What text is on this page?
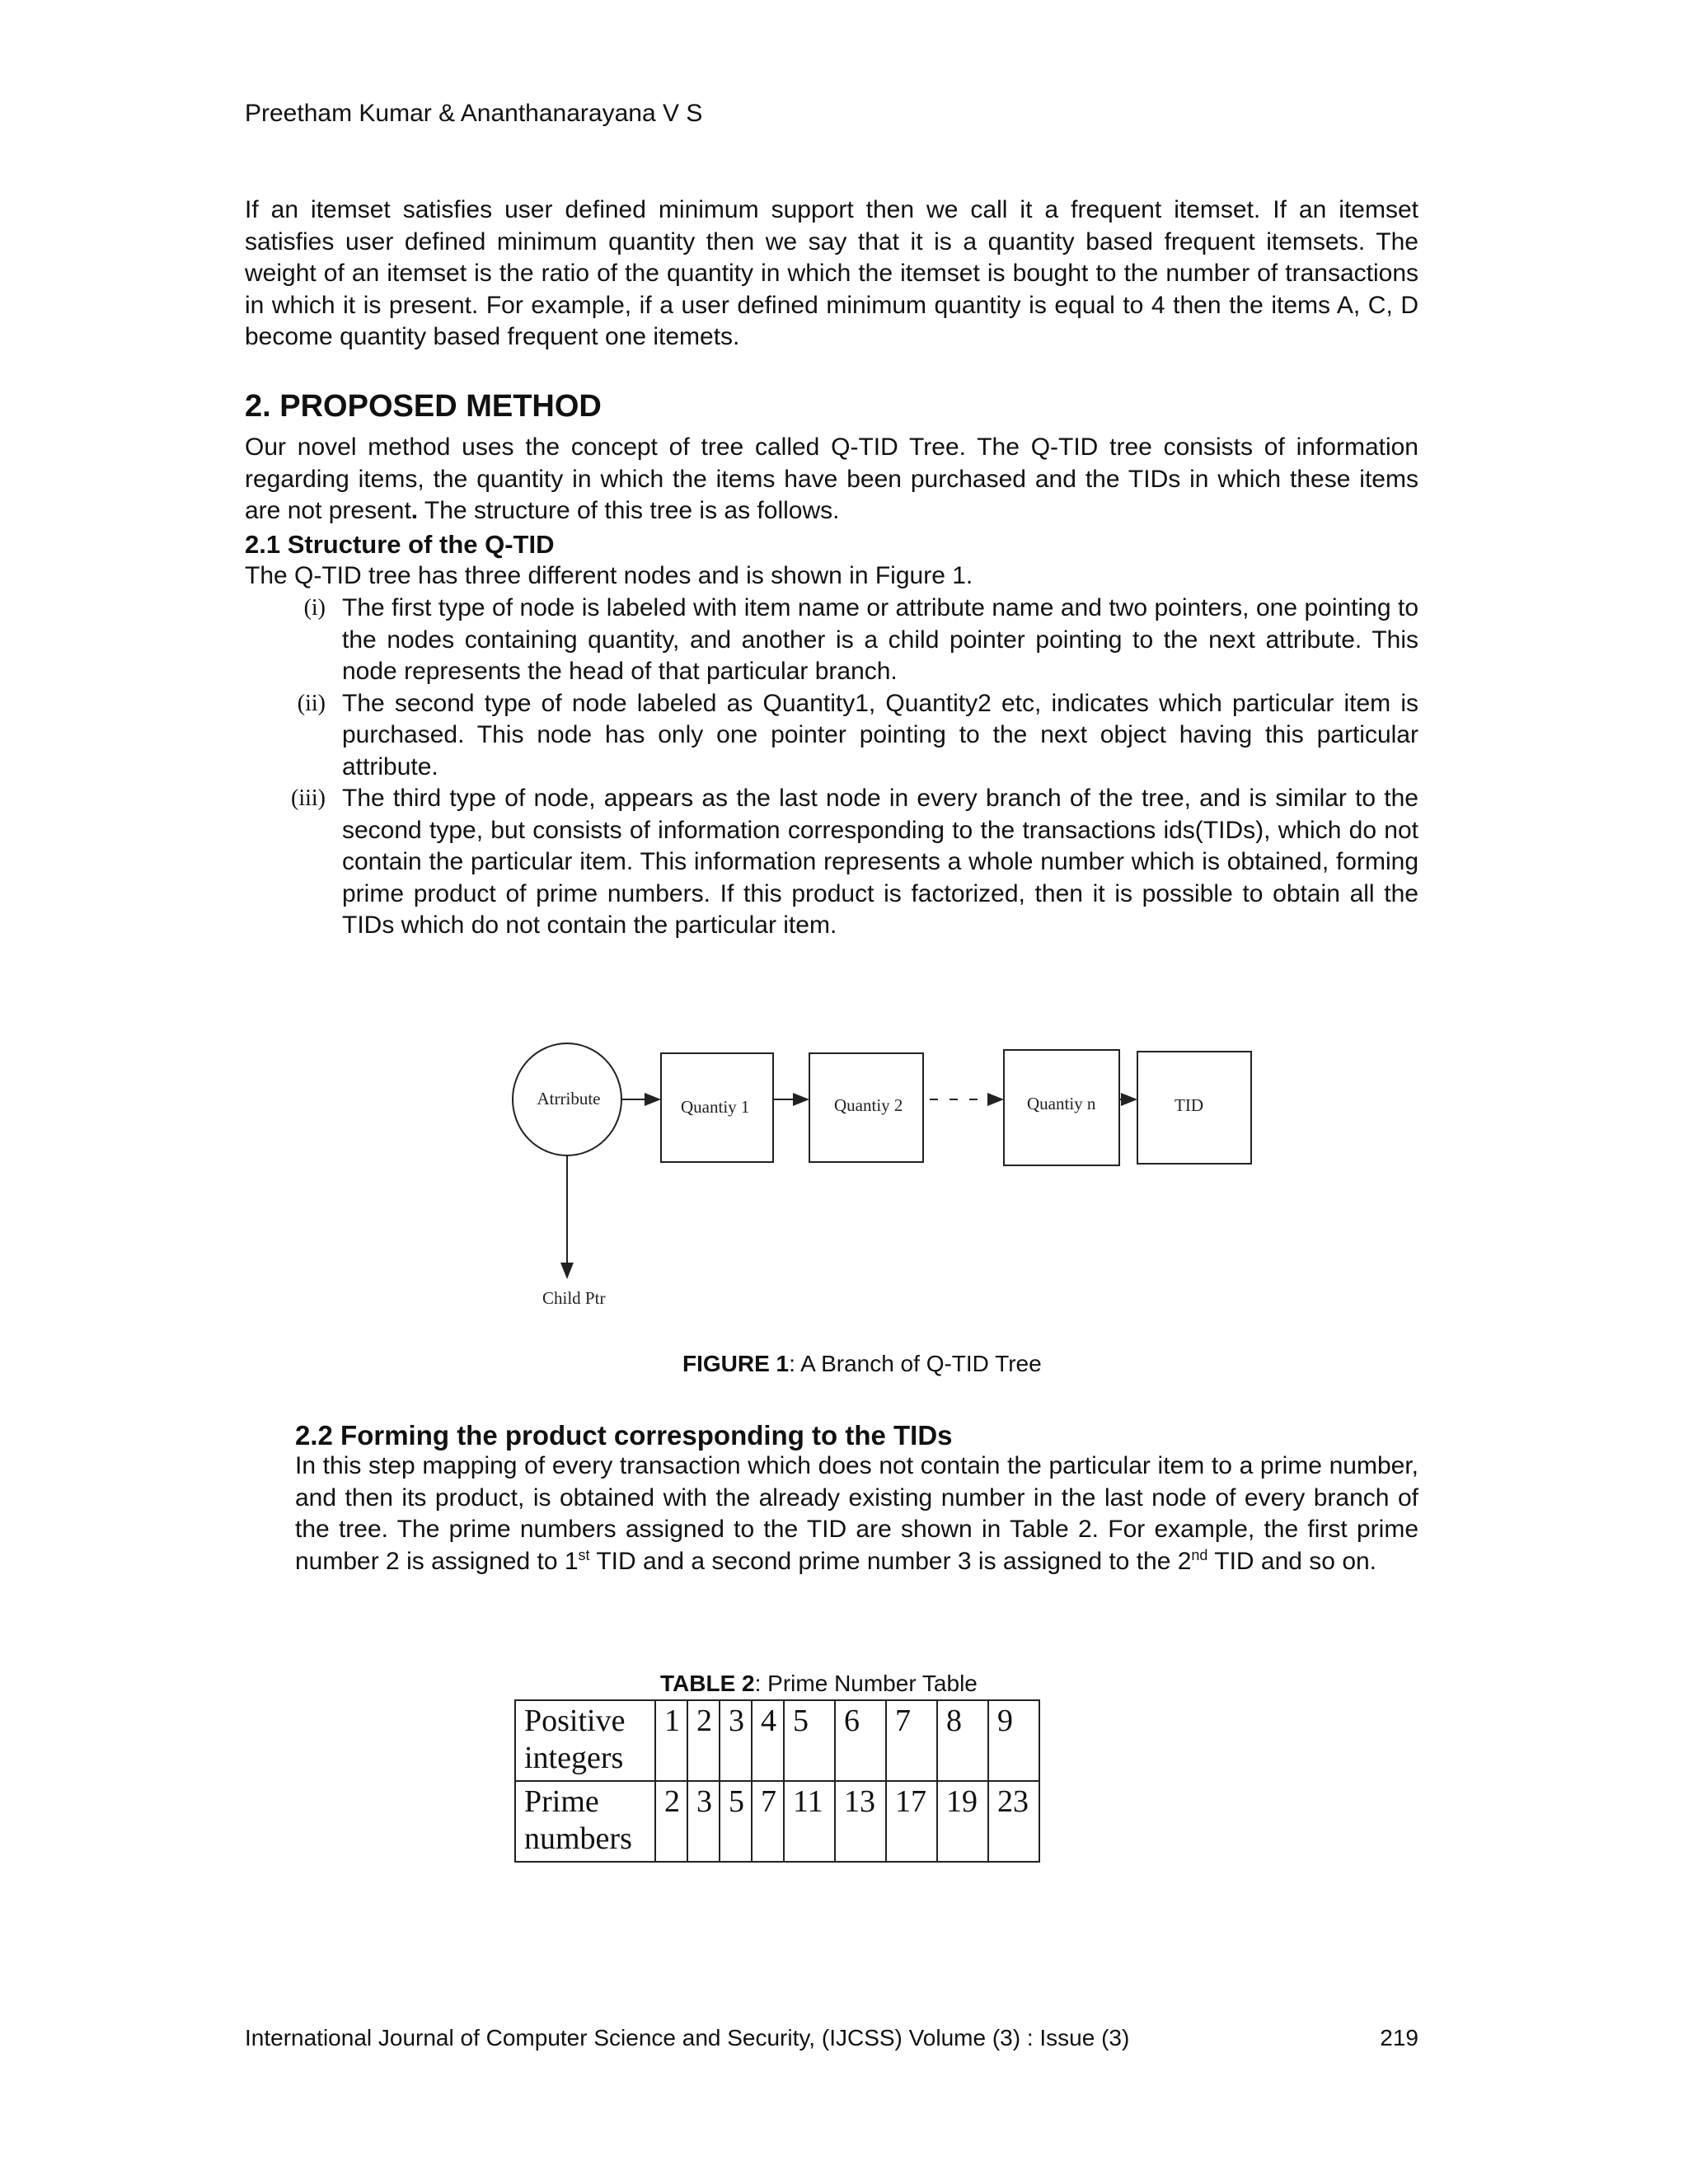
Preetham Kumar & Ananthanarayana V S

If an itemset satisfies user defined minimum support then we call it a frequent itemset. If an itemset satisfies user defined minimum quantity then we say that it is a quantity based frequent itemsets. The weight of an itemset is the ratio of the quantity in which the itemset is bought to the number of transactions in which it is present. For example, if a user defined minimum quantity is equal to 4 then the items A, C, D become quantity based frequent one itemets.

2. PROPOSED METHOD

Our novel method uses the concept of tree called Q-TID Tree. The Q-TID tree consists of information regarding items, the quantity in which the items have been purchased and the TIDs in which these items are not present. The structure of this tree is as follows.

2.1 Structure of the Q-TID

The Q-TID tree has three different nodes and is shown in Figure 1.

(i) The first type of node is labeled with item name or attribute name and two pointers, one pointing to the nodes containing quantity, and another is a child pointer pointing to the next attribute. This node represents the head of that particular branch.
(ii) The second type of node labeled as Quantity1, Quantity2 etc, indicates which particular item is purchased. This node has only one pointer pointing to the next object having this particular attribute.
(iii) The third type of node, appears as the last node in every branch of the tree, and is similar to the second type, but consists of information corresponding to the transactions ids(TIDs), which do not contain the particular item. This information represents a whole number which is obtained, forming prime product of prime numbers. If this product is factorized, then it is possible to obtain all the TIDs which do not contain the particular item.
Atrribute	Quantiy 1	Quantiy 2	Quantiy n	TID
Child Ptr
FIGURE 1: A Branch of Q-TID Tree
2.2 Forming the product corresponding to the TIDs

In this step mapping of every transaction which does not contain the particular item to a prime number, and then its product, is obtained with the already existing number in the last node of every branch of the tree. The prime numbers assigned to the TID are shown in Table 2. For example, the first prime number 2 is assigned to 1st TID and a second prime number 3 is assigned to the 2nd TID and so on.

TABLE 2: Prime Number Table
Positive integers	1	2	3	4	5	6	7	8	9
Prime numbers	2	3	5	7	11	13	17	19	23
International Journal of Computer Science and Security, (IJCSS) Volume (3) : Issue (3)	219
